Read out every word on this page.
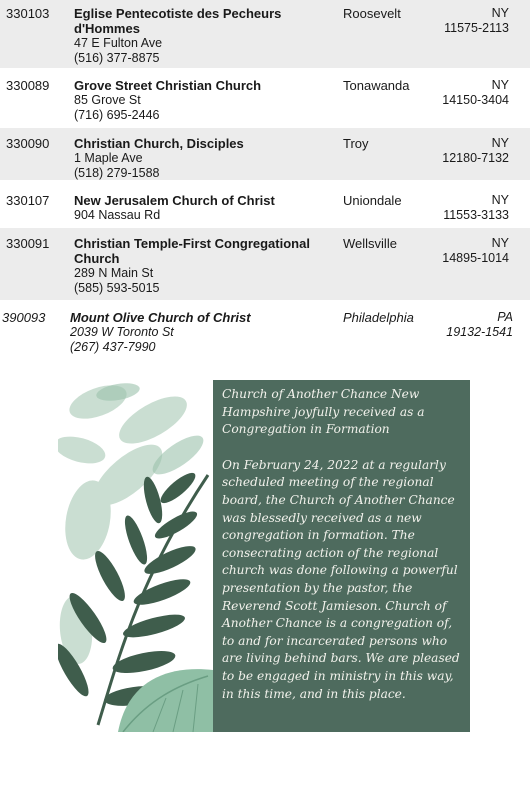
330103 Eglise Pentecotiste des Pecheurs d'Hommes
47 E Fulton Ave
(516) 377-8875
Roosevelt	NY
11575-2113
330089 Grove Street Christian Church
85 Grove St
(716) 695-2446
Tonawanda	NY
14150-3404
330090 Christian Church, Disciples
1 Maple Ave
(518) 279-1588
Troy	NY
12180-7132
330107 New Jerusalem Church of Christ
904 Nassau Rd
Uniondale	NY
11553-3133
330091 Christian Temple-First Congregational Church
289 N Main St
(585) 593-5015
Wellsville	NY
14895-1014
390093 Mount Olive Church of Christ
2039 W Toronto St
(267) 437-7990
Philadelphia	PA
19132-1541

Church of Another Chance New Hampshire joyfully received as a Congregation in Formation

On February 24, 2022 at a regularly scheduled meeting of the regional board, the Church of Another Chance was blessedly received as a new congregation in formation. The consecrating action of the regional church was done following a powerful presentation by the pastor, the Reverend Scott Jamieson. Church of Another Chance is a congregation of, to and for incarcerated persons who are living behind bars. We are pleased to be engaged in ministry in this way, in this time, and in this place.
